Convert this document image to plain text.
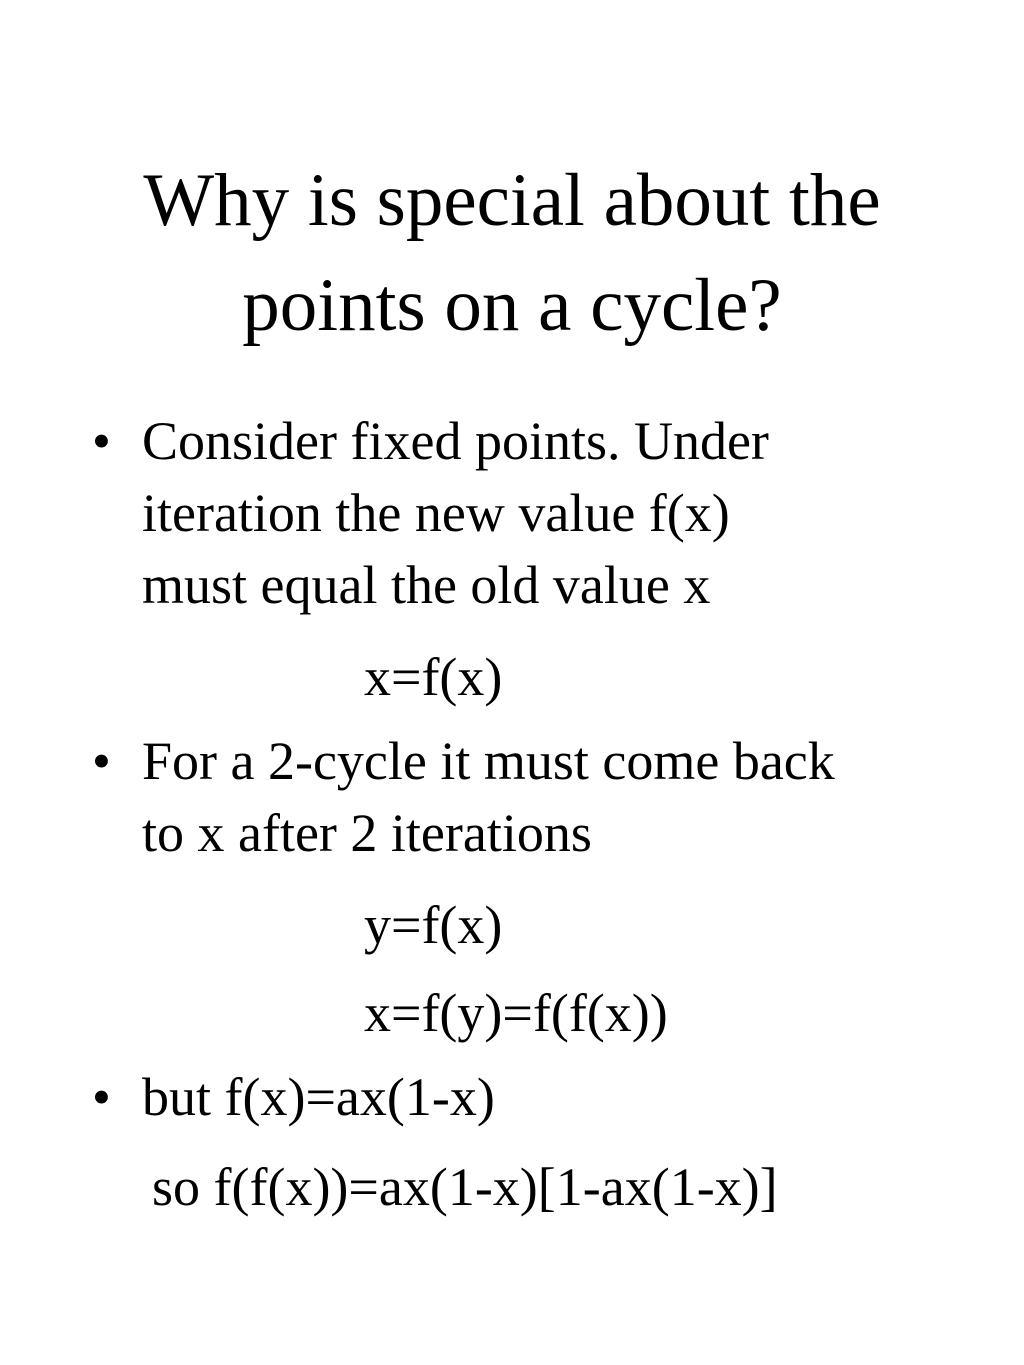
Why is special about the
points on a cycle?
• Consider fixed points. Under

iteration the new value f(x)

must equal the old value x

x=f(x)

• For a 2-cycle it must come back

to x after 2 iterations

y=f(x)

x=f(y)=f(f(x))

• but f(x)=ax(1-x)

so f(f(x))=ax(1-x)[1-ax(1-x)]
